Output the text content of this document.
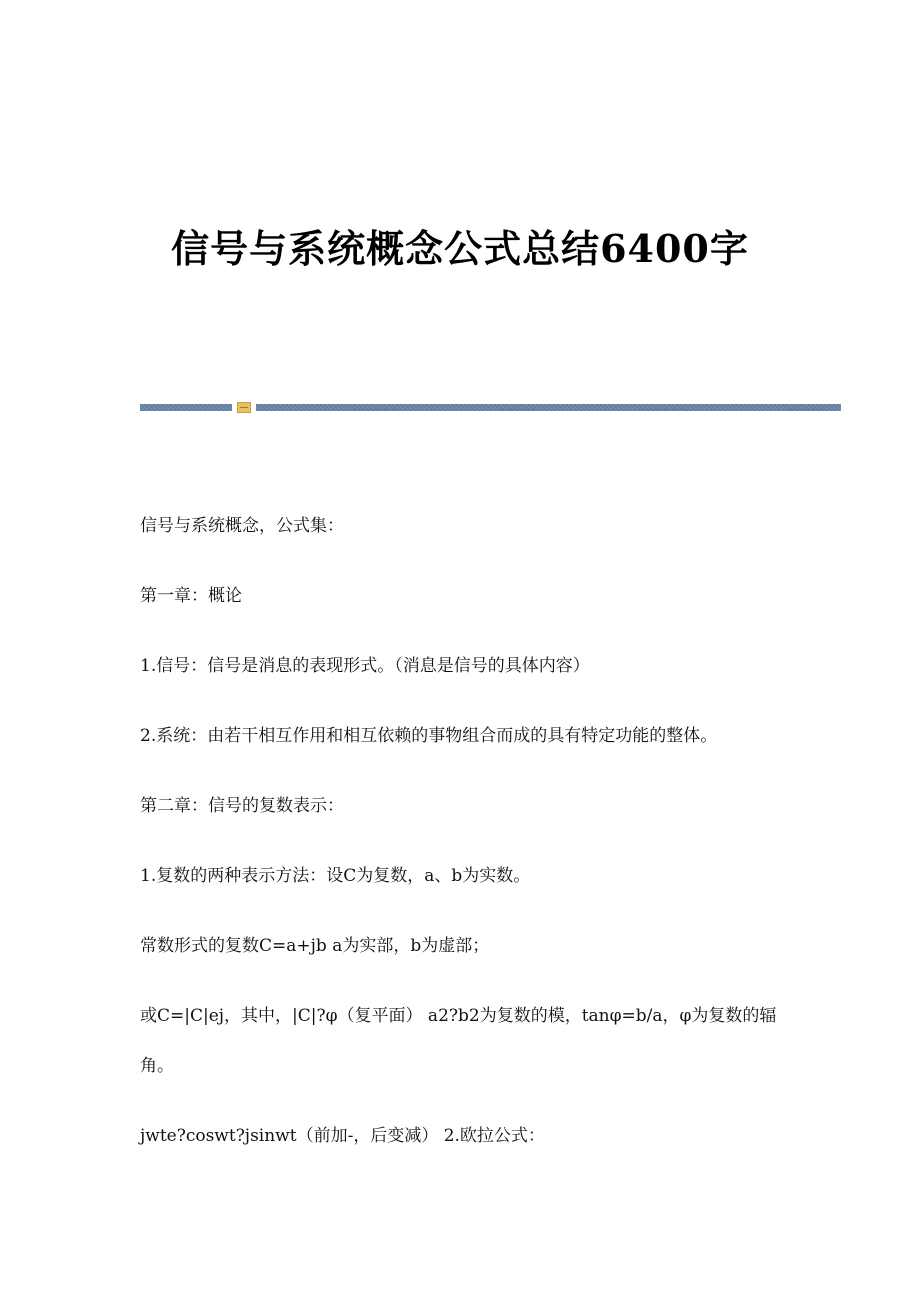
信号与系统概念公式总结6400字

信号与系统概念，公式集：

第一章：概论

1.信号：信号是消息的表现形式。（消息是信号的具体内容）

2.系统：由若干相互作用和相互依赖的事物组合而成的具有特定功能的整体。

第二章：信号的复数表示：

1.复数的两种表示方法：设C为复数，a、b为实数。

常数形式的复数C=a+jb a为实部，b为虚部；

或C=|C|ej，其中，|C|?φ（复平面） a2?b2为复数的模，tanφ=b/a，φ为复数的辐角。

jwte?coswt?jsinwt（前加-，后变减） 2.欧拉公式：
